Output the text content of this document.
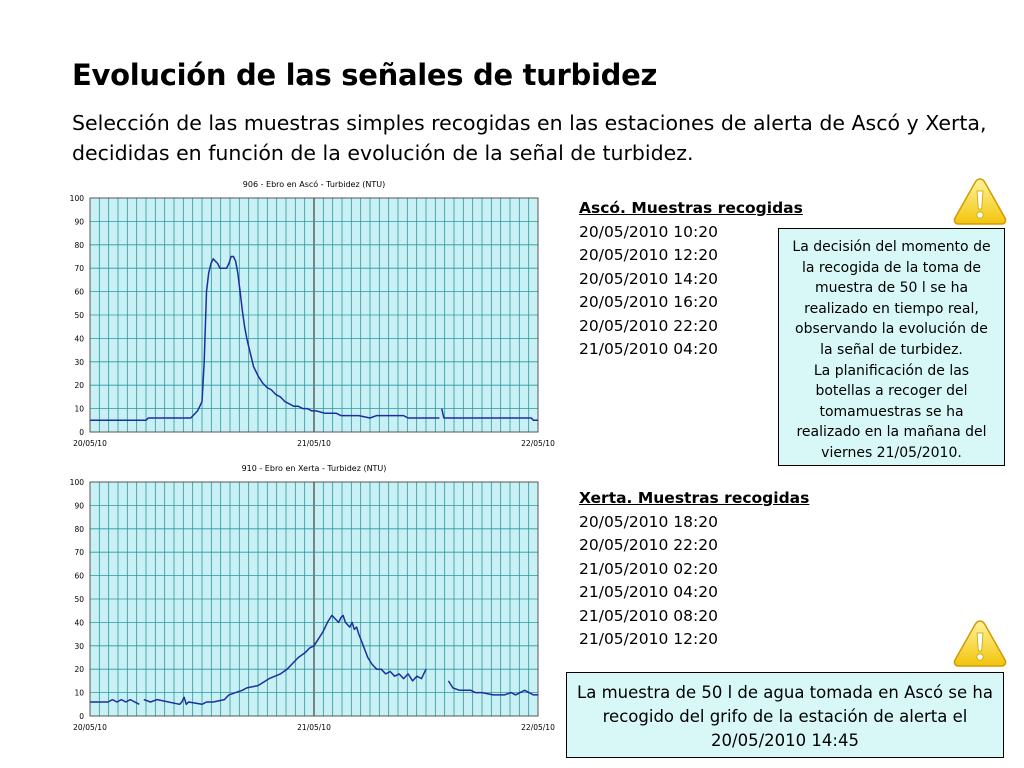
Evolución de las señales de turbidez
Selección de las muestras simples recogidas en las estaciones de alerta de Ascó y Xerta, decididas en función de la evolución de la señal de turbidez.
0
10
20
30
40
50
60
70
80
90
100
20/05/10	21/05/10	22/05/10
906 - Ebro en Ascó - Turbidez (NTU)
0
10
20
30
40
50
60
70
80
90
100
20/05/10	21/05/10	22/05/10
910 - Ebro en Xerta - Turbidez (NTU)
Ascó. Muestras recogidas
20/05/2010 10:20
20/05/2010 12:20
20/05/2010 14:20
20/05/2010 16:20
20/05/2010 22:20
21/05/2010 04:20
Xerta. Muestras recogidas
20/05/2010 18:20
20/05/2010 22:20
21/05/2010 02:20
21/05/2010 04:20
21/05/2010 08:20
21/05/2010 12:20
La decisión del momento de la recogida de la toma de muestra de 50 l se ha realizado en tiempo real, observando la evolución de la señal de turbidez.
La planificación de las botellas a recoger del tomamuestras se ha realizado en la mañana del viernes 21/05/2010.
La muestra de 50 l de agua tomada en Ascó se ha recogido del grifo de la estación de alerta el 20/05/2010 14:45
